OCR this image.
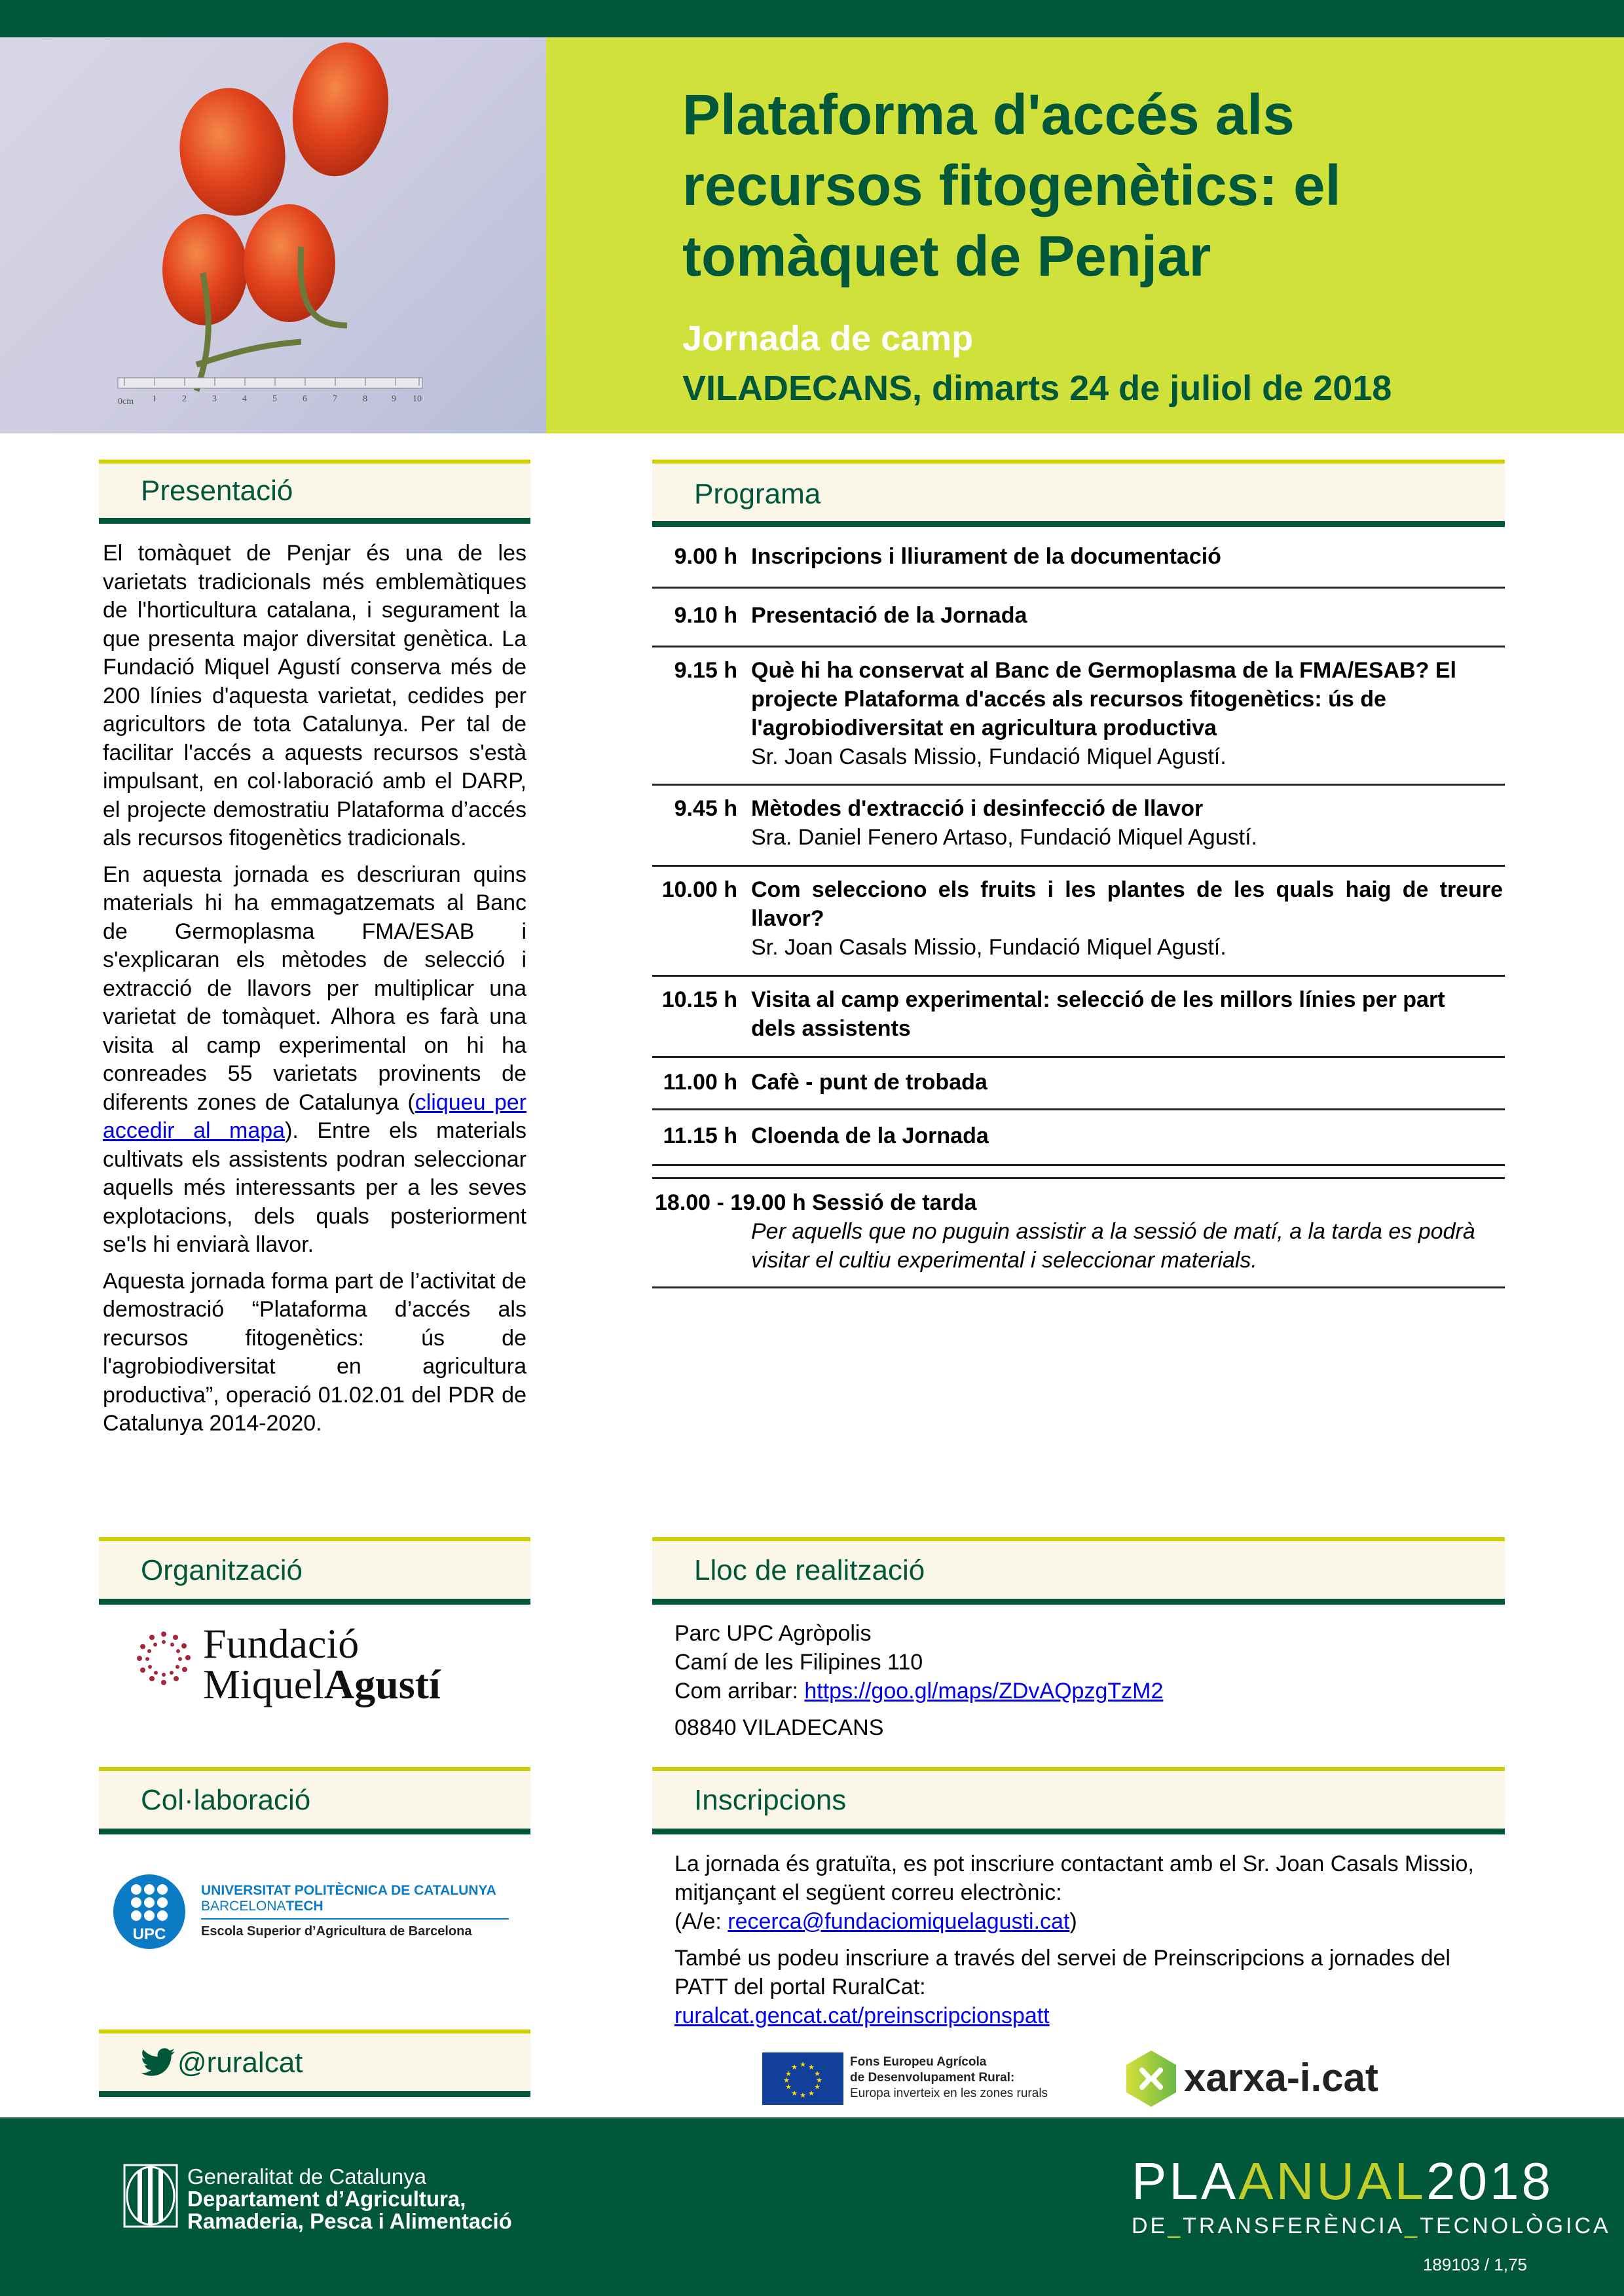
0cm 1	2	3	4	5	6	7	8	9 10
Plataforma d'accés als
recursos fitogenètics: el
tomàquet de Penjar
Jornada de camp
VILADECANS, dimarts 24 de juliol de 2018
Presentació

El tomàquet de Penjar és una de les varietats tradicionals més emblemàtiques de l'horticultura catalana, i segurament la que presenta major diversitat genètica. La Fundació Miquel Agustí conserva més de 200 línies d'aquesta varietat, cedides per agricultors de tota Catalunya. Per tal de facilitar l'accés a aquests recursos s'està impulsant, en col·laboració amb el DARP, el projecte demostratiu Plataforma d’accés als recursos fitogenètics tradicionals.

En aquesta jornada es descriuran quins materials hi ha emmagatzemats al Banc de Germoplasma FMA/ESAB i s'explicaran els mètodes de selecció i extracció de llavors per multiplicar una varietat de tomàquet. Alhora es farà una visita al camp experimental on hi ha conreades 55 varietats provinents de diferents zones de Catalunya (cliqueu per accedir al mapa). Entre els materials cultivats els assistents podran seleccionar aquells més interessants per a les seves explotacions, dels quals posteriorment se'ls hi enviarà llavor.

Aquesta jornada forma part de l’activitat de demostració “Plataforma d’accés als recursos fitogenètics: ús de l'agrobiodiversitat en agricultura productiva”, operació 01.02.01 del PDR de Catalunya 2014-2020.

Organització
Fundació
MiquelAgustí
Col·laboració
UPC
UNIVERSITAT POLITÈCNICA DE CATALUNYA
BARCELONATECH
Escola Superior d’Agricultura de Barcelona
@ruralcat
Programa
9.00 h Inscripcions i lliurament de la documentació
9.10 h Presentació de la Jornada
9.15 h Què hi ha conservat al Banc de Germoplasma de la FMA/ESAB? El projecte Plataforma d'accés als recursos fitogenètics: ús de l'agrobiodiversitat en agricultura productiva
Sr. Joan Casals Missio, Fundació Miquel Agustí.
9.45 h Mètodes d'extracció i desinfecció de llavor
Sra. Daniel Fenero Artaso, Fundació Miquel Agustí.
10.00 h Com selecciono els fruits i les plantes de les quals haig de treure llavor?
Sr. Joan Casals Missio, Fundació Miquel Agustí.
10.15 h Visita al camp experimental: selecció de les millors línies per part dels assistents
11.00 h Cafè - punt de trobada
11.15 h Cloenda de la Jornada
18.00 - 19.00 h Sessió de tarda
Per aquells que no puguin assistir a la sessió de matí, a la tarda es podrà visitar el cultiu experimental i seleccionar materials.
Lloc de realització
Parc UPC Agròpolis
Camí de les Filipines 110
Com arribar: https://goo.gl/maps/ZDvAQpzgTzM2
08840 VILADECANS
Inscripcions
La jornada és gratuïta, es pot inscriure contactant amb el Sr. Joan Casals Missio, mitjançant el següent correu electrònic:
(A/e: recerca@fundaciomiquelagusti.cat)
També us podeu inscriure a través del servei de Preinscripcions a jornades del PATT del portal RuralCat:
ruralcat.gencat.cat/preinscripcionspatt
★ ★
★
★
★
★
★
★
★
★
★
★	Fons Europeu Agrícola
de Desenvolupament Rural:
Europa inverteix en les zones rurals	xarxa-i.cat
Generalitat de Catalunya
Departament d’Agricultura,
Ramaderia, Pesca i Alimentació
PLAANUAL2018
DE_TRANSFERÈNCIA_TECNOLÒGICA
189103 / 1,75
